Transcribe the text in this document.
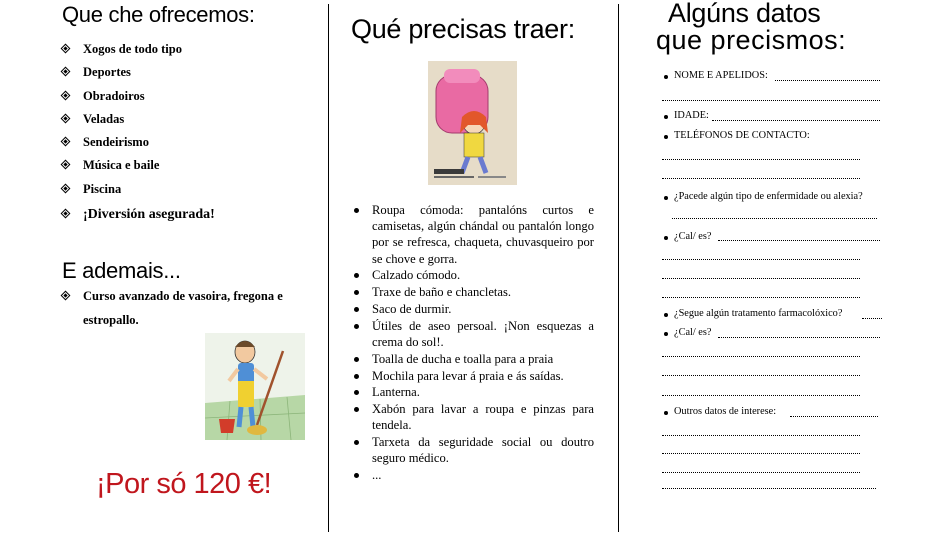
Que che ofrecemos:
Xogos de todo tipo
Deportes
Obradoiros
Veladas
Sendeirismo
Música e baile
Piscina
¡Diversión asegurada!
E ademais...
Curso avanzado de vasoira, fregona e estropallo.
¡Por só 120 €!
Qué precisas traer:
Roupa cómoda: pantalóns curtos e camisetas, algún chándal ou pantalón longo por se refresca, chaqueta, chuvasqueiro por se chove e gorra.
Calzado cómodo.
Traxe de baño e chancletas.
Saco de durmir.
Útiles de aseo persoal. ¡Non esquezas a crema do sol!.
Toalla de ducha e toalla para a praia
Mochila para levar á praia e ás saídas.
Lanterna.
Xabón para lavar a roupa e pinzas para tendela.
Tarxeta da seguridade social ou doutro seguro médico.
...
Algúns datos
que precismos:
NOME E APELIDOS:
IDADE:
TELÉFONOS DE CONTACTO:
¿Pacede algún tipo de enfermidade ou alexia?
¿Cal/ es?
¿Segue algún tratamento farmacolóxico?
¿Cal/ es?
Outros datos de interese:
